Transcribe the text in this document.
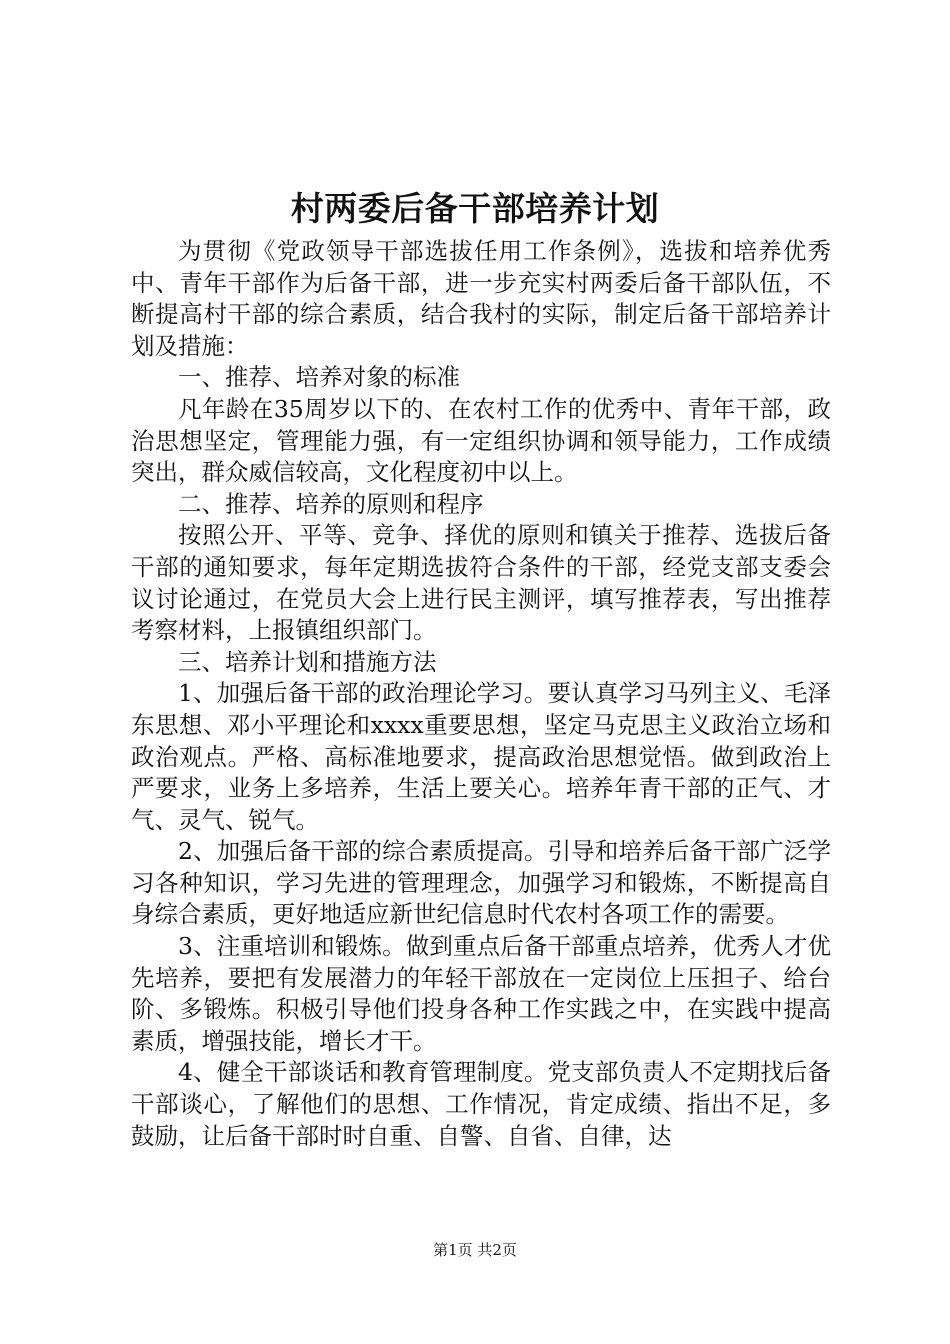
村两委后备干部培养计划

为贯彻《党政领导干部选拔任用工作条例》，选拔和培养优秀中、青年干部作为后备干部，进一步充实村两委后备干部队伍，不断提高村干部的综合素质，结合我村的实际，制定后备干部培养计划及措施：

一、推荐、培养对象的标准

凡年龄在35周岁以下的、在农村工作的优秀中、青年干部，政治思想坚定，管理能力强，有一定组织协调和领导能力，工作成绩突出，群众威信较高，文化程度初中以上。

二、推荐、培养的原则和程序

按照公开、平等、竞争、择优的原则和镇关于推荐、选拔后备干部的通知要求，每年定期选拔符合条件的干部，经党支部支委会议讨论通过，在党员大会上进行民主测评，填写推荐表，写出推荐考察材料，上报镇组织部门。

三、培养计划和措施方法

1、加强后备干部的政治理论学习。要认真学习马列主义、毛泽东思想、邓小平理论和xxxx重要思想，坚定马克思主义政治立场和政治观点。严格、高标准地要求，提高政治思想觉悟。做到政治上严要求，业务上多培养，生活上要关心。培养年青干部的正气、才气、灵气、锐气。

2、加强后备干部的综合素质提高。引导和培养后备干部广泛学习各种知识，学习先进的管理理念，加强学习和锻炼，不断提高自身综合素质，更好地适应新世纪信息时代农村各项工作的需要。

3、注重培训和锻炼。做到重点后备干部重点培养，优秀人才优先培养，要把有发展潜力的年轻干部放在一定岗位上压担子、给台阶、多锻炼。积极引导他们投身各种工作实践之中，在实践中提高素质，增强技能，增长才干。

4、健全干部谈话和教育管理制度。党支部负责人不定期找后备干部谈心，了解他们的思想、工作情况，肯定成绩、指出不足，多鼓励，让后备干部时时自重、自警、自省、自律，达

第1页 共2页
